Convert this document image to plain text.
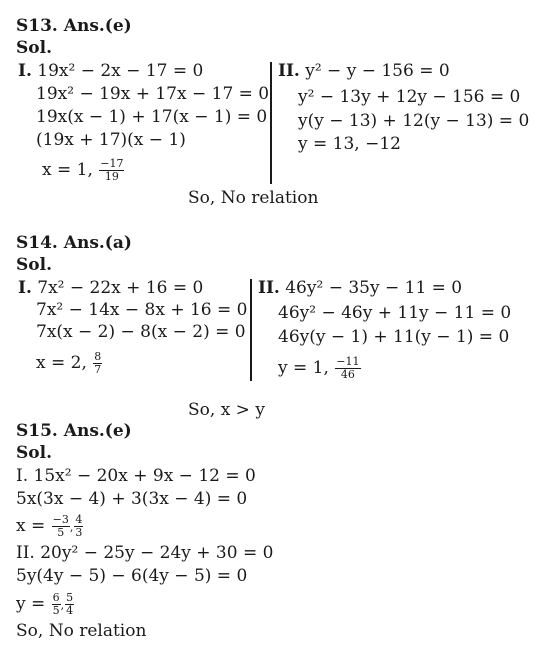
S13. Ans.(e)
Sol.
I. 19x² − 2x − 17 = 0
19x² − 19x + 17x − 17 = 0
19x(x − 1) + 17(x − 1) = 0
(19x + 17)(x − 1)
x = 1, $\frac{-17}{19}$
II. y² − y − 156 = 0
y² − 13y + 12y − 156 = 0
y(y − 13) + 12(y − 13) = 0
y = 13, −12
So, No relation
S14. Ans.(a)
Sol.
I. 7x² − 22x + 16 = 0
7x² − 14x − 8x + 16 = 0
7x(x − 2) − 8(x − 2) = 0
x = 2, $\frac{8}{7}$
II. 46y² − 35y − 11 = 0
46y² − 46y + 11y − 11 = 0
46y(y − 1) + 11(y − 1) = 0
y = 1, $\frac{-11}{46}$
So, x > y
S15. Ans.(e)
Sol.
I. 15x² − 20x + 9x − 12 = 0
5x(3x − 4) + 3(3x − 4) = 0
$x = \frac{-3}{5}$ , $\frac{4}{3}$
II. 20y² − 25y − 24y + 30 = 0
5y(4y − 5) − 6(4y − 5) = 0
$y = \frac{6}{5}$ , $\frac{5}{4}$
So, No relation
